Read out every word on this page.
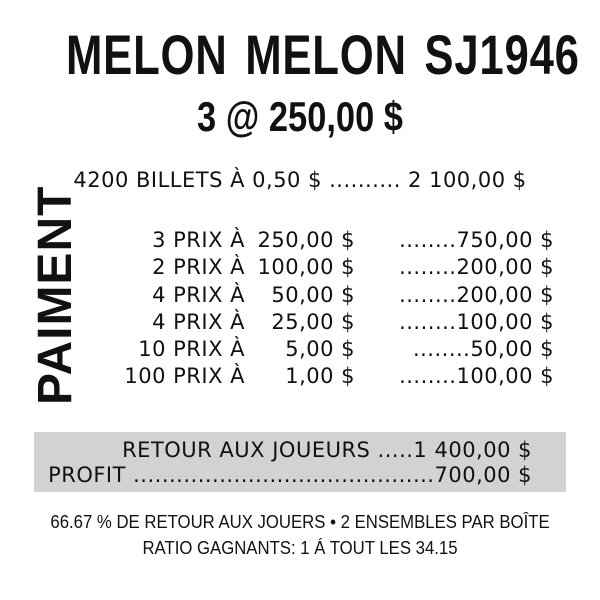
MELON MELON SJ1946
3 @ 250,00 $
4200 BILLETS À 0,50 $ .......... 2 100,00 $
PAIMENT	3 PRIX À 250,00 $ ........750,00 $
2 PRIX À 100,00 $ ........200,00 $
4 PRIX À 50,00 $ ........200,00 $
4 PRIX À 25,00 $ ........100,00 $
10 PRIX À 5,00 $	........50,00 $
100 PRIX À 1,00 $ ........100,00 $
RETOUR AUX JOUEURS .....1 400,00 $
PROFIT ..........................................700,00 $
66.67 % DE RETOUR AUX JOUERS • 2 ENSEMBLES PAR BOÎTE
RATIO GAGNANTS: 1 Á TOUT LES 34.15
